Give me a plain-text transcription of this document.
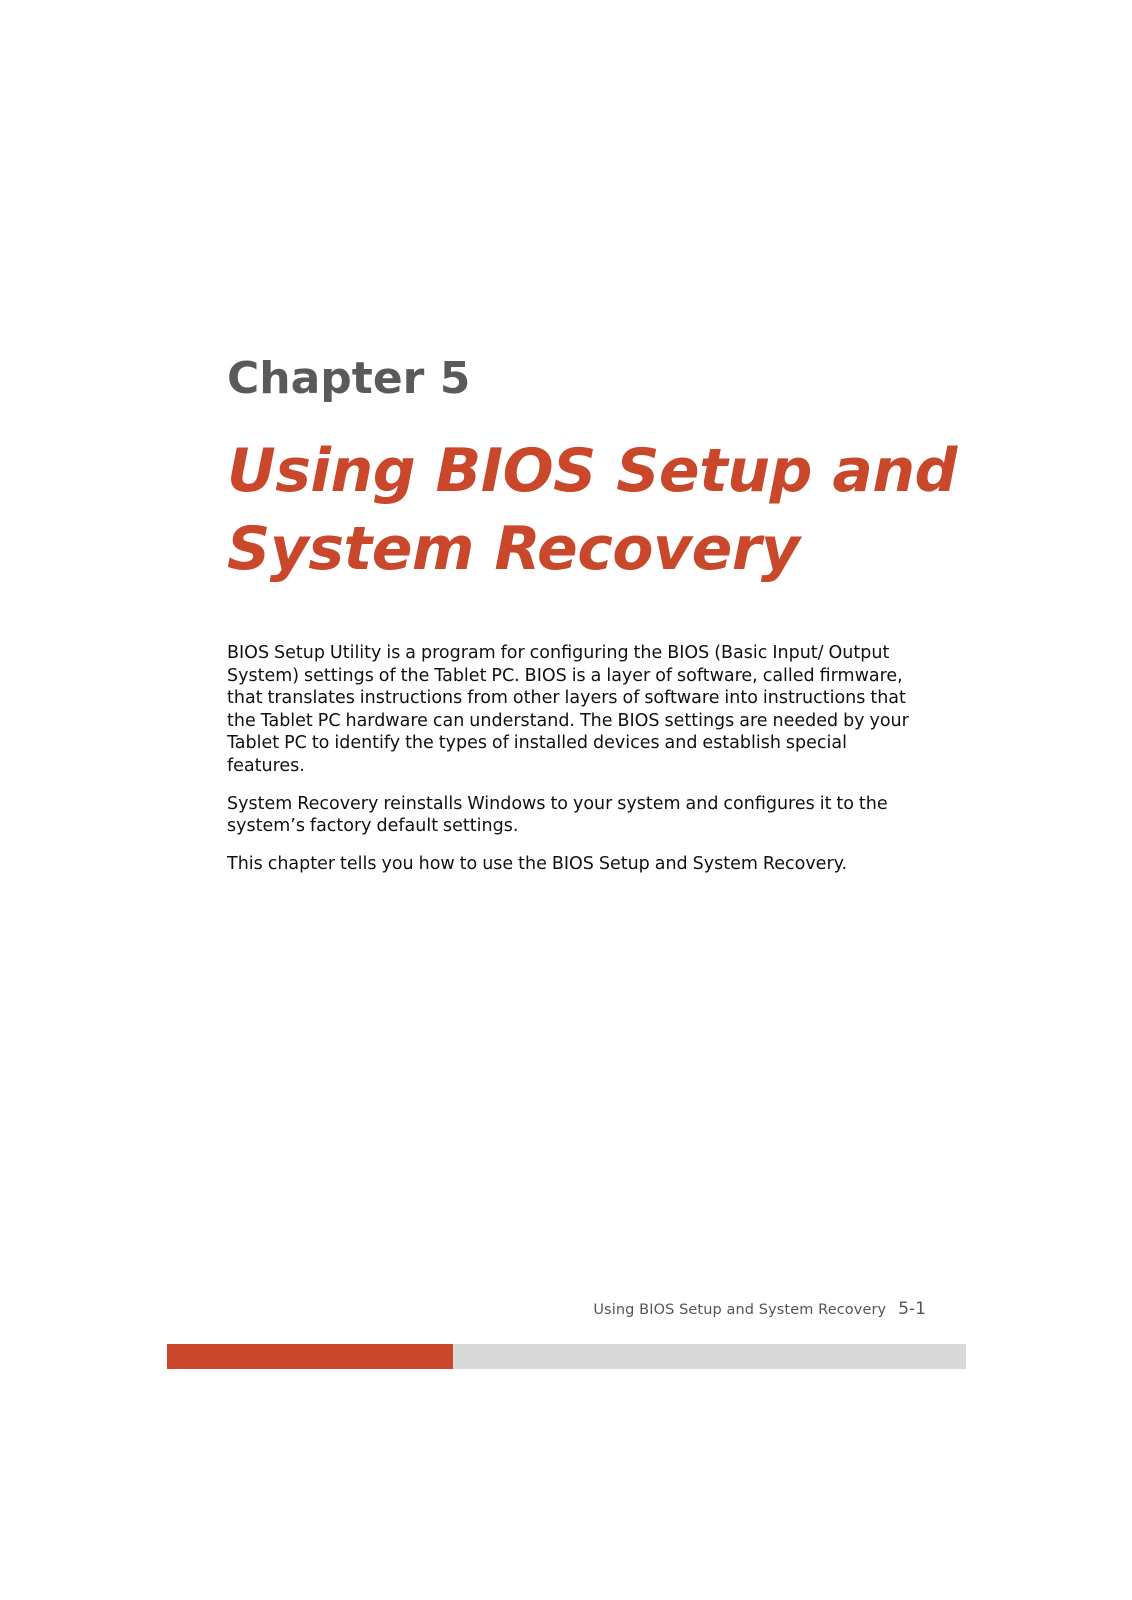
Chapter 5
Using BIOS Setup and
System Recovery

BIOS Setup Utility is a program for configuring the BIOS (Basic Input/ Output System) settings of the Tablet PC. BIOS is a layer of software, called firmware, that translates instructions from other layers of software into instructions that the Tablet PC hardware can understand. The BIOS settings are needed by your Tablet PC to identify the types of installed devices and establish special features.

System Recovery reinstalls Windows to your system and configures it to the system’s factory default settings.

This chapter tells you how to use the BIOS Setup and System Recovery.

Using BIOS Setup and System Recovery 5-1
